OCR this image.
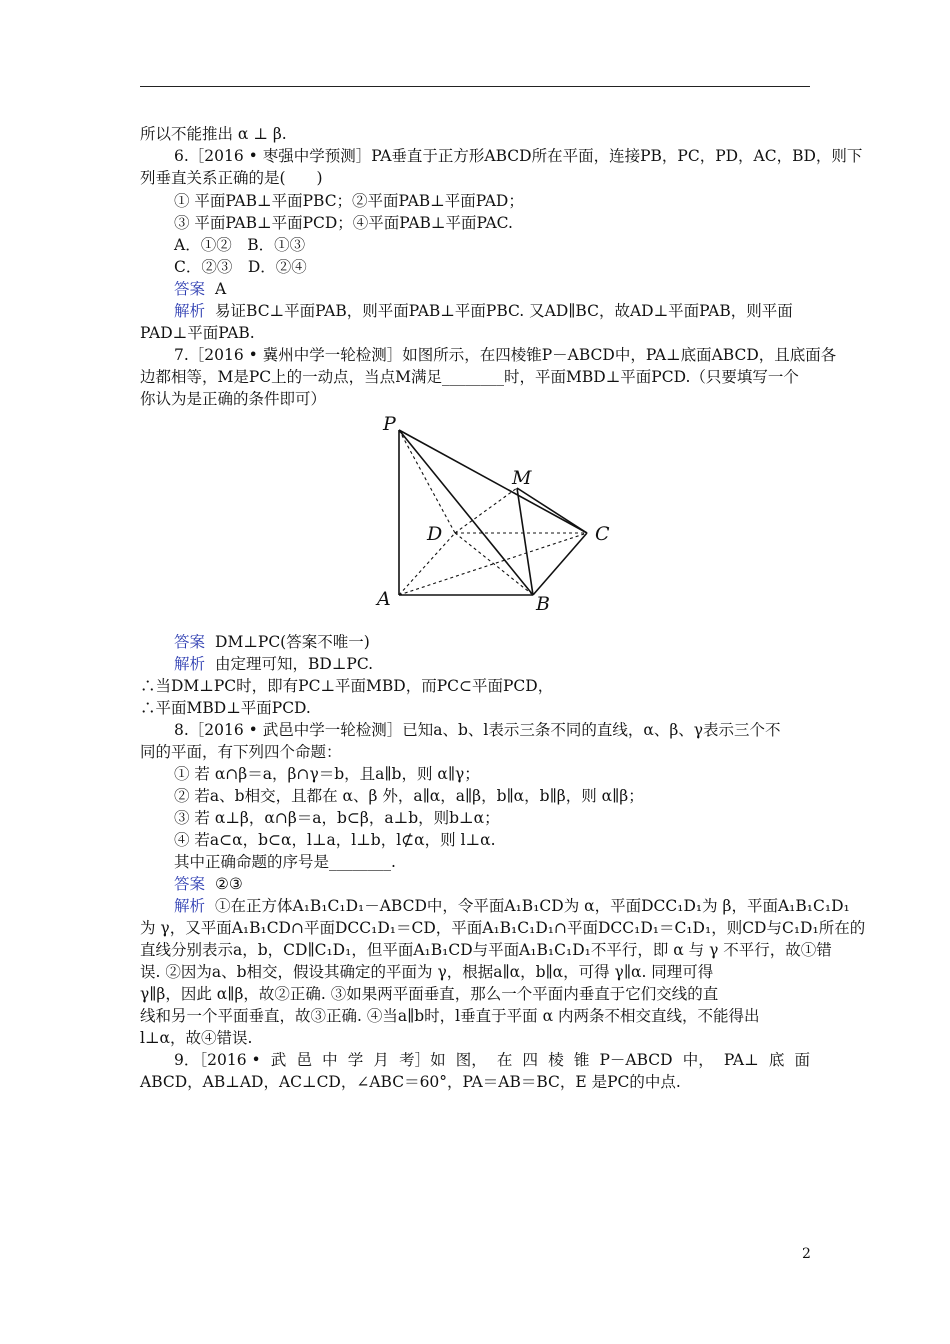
所以不能推出 α ⊥ β.
6.［2016 • 枣强中学预测］PA垂直于正方形ABCD所在平面，连接PB，PC，PD，AC，BD，则下
列垂直关系正确的是(　　)
① 平面PAB⊥平面PBC；②平面PAB⊥平面PAD；
③ 平面PAB⊥平面PCD；④平面PAB⊥平面PAC.
A．①②　B．①③
C．②③　D．②④
答案 A
解析 易证BC⊥平面PAB，则平面PAB⊥平面PBC. 又AD∥BC，故AD⊥平面PAB，则平面
PAD⊥平面PAB.
7.［2016 • 冀州中学一轮检测］如图所示，在四棱锥P－ABCD中，PA⊥底面ABCD，且底面各
边都相等，M是PC上的一动点，当点M满足________时，平面MBD⊥平面PCD.（只要填写一个
你认为是正确的条件即可）
P
M
D	C
A	B
答案 DM⊥PC(答案不唯一)
解析 由定理可知，BD⊥PC.
∴当DM⊥PC时，即有PC⊥平面MBD，而PC⊂平面PCD，
∴平面MBD⊥平面PCD.
8.［2016 • 武邑中学一轮检测］已知a、b、l表示三条不同的直线，α、β、γ表示三个不
同的平面，有下列四个命题：
① 若 α∩β＝a，β∩γ＝b，且a∥b，则 α∥γ；
② 若a、b相交，且都在 α、β 外，a∥α，a∥β，b∥α，b∥β，则 α∥β；
③ 若 α⊥β，α∩β＝a，b⊂β，a⊥b，则b⊥α；
④ 若a⊂α，b⊂α，l⊥a，l⊥b，l⊄α，则 l⊥α.
其中正确命题的序号是________.
答案 ②③
解析 ①在正方体A₁B₁C₁D₁－ABCD中，令平面A₁B₁CD为 α，平面DCC₁D₁为 β，平面A₁B₁C₁D₁
为 γ，又平面A₁B₁CD∩平面DCC₁D₁＝CD，平面A₁B₁C₁D₁∩平面DCC₁D₁＝C₁D₁，则CD与C₁D₁所在的
直线分别表示a，b，CD∥C₁D₁，但平面A₁B₁CD与平面A₁B₁C₁D₁不平行，即 α 与 γ 不平行，故①错
误. ②因为a、b相交，假设其确定的平面为 γ，根据a∥α，b∥α，可得 γ∥α. 同理可得
γ∥β，因此 α∥β，故②正确. ③如果两平面垂直，那么一个平面内垂直于它们交线的直
线和另一个平面垂直，故③正确. ④当a∥b时，l垂直于平面 α 内两条不相交直线，不能得出
l⊥α，故④错误.
9．［2016 • 武 邑 中 学 月 考］如 图， 在 四 棱 锥 P－ABCD 中， PA⊥ 底 面
ABCD，AB⊥AD，AC⊥CD，∠ABC＝60°，PA＝AB＝BC，E 是PC的中点.
2
